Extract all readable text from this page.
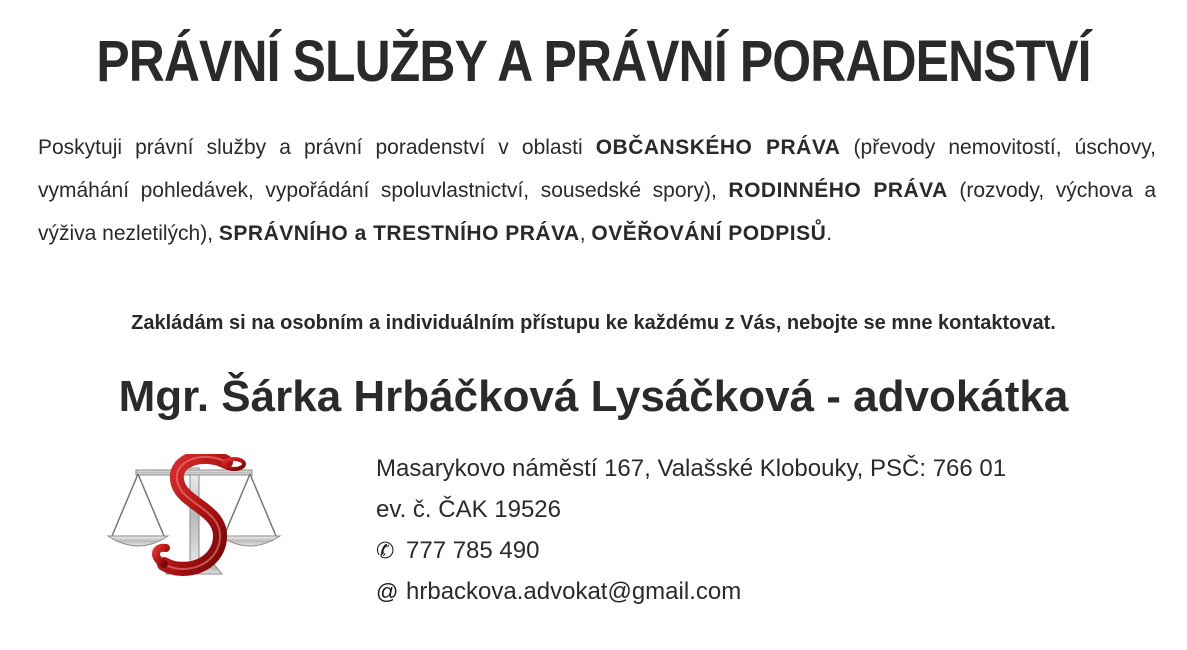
PRÁVNÍ SLUŽBY A PRÁVNÍ PORADENSTVÍ
Poskytuji právní služby a právní poradenství v oblasti OBČANSKÉHO PRÁVA (převody nemovitostí, úschovy, vymáhání pohledávek, vypořádání spoluvlastnictví, sousedské spory), RODINNÉHO PRÁVA (rozvody, výchova a výživa nezletilých), SPRÁVNÍHO a TRESTNÍHO PRÁVA, OVĚŘOVÁNÍ PODPISŮ.
Zakládám si na osobním a individuálním přístupu ke každému z Vás, nebojte se mne kontaktovat.
Mgr. Šárka Hrbáčková Lysáčková - advokátka
Masarykovo náměstí 167, Valašské Klobouky, PSČ: 766 01
ev. č. ČAK 19526
✆ 777 785 490
@ hrbackova.advokat@gmail.com
